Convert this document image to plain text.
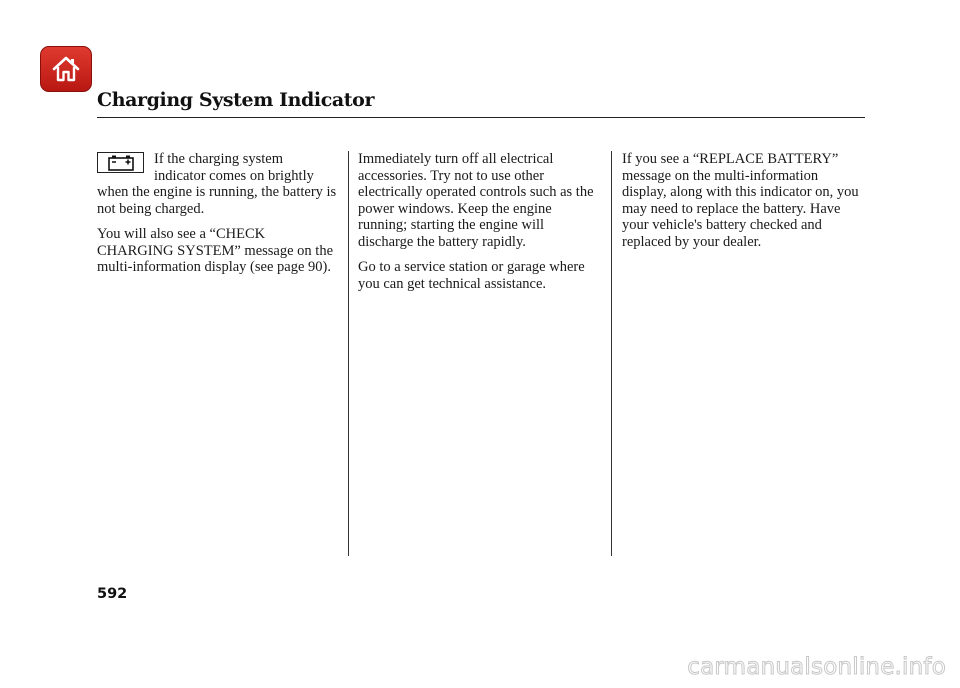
Charging System Indicator

If the charging system indicator comes on brightly when the engine is running, the battery is not being charged.

You will also see a “CHECK CHARGING SYSTEM” message on the multi-information display (see page 90).

Immediately turn off all electrical accessories. Try not to use other electrically operated controls such as the power windows. Keep the engine running; starting the engine will discharge the battery rapidly.

Go to a service station or garage where you can get technical assistance.

If you see a “REPLACE BATTERY” message on the multi-information display, along with this indicator on, you may need to replace the battery. Have your vehicle's battery checked and replaced by your dealer.

592

carmanualsonline.info
